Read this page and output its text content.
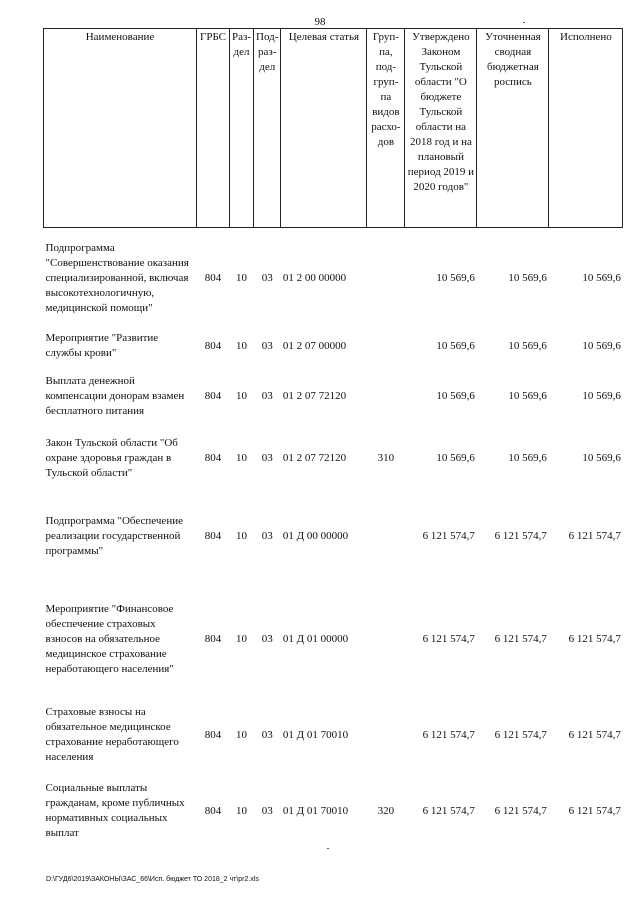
98
Наименование	ГРБС	Раз-дел	Под-раз-дел	Целевая статья	Груп-па, под-груп-па видов расхо-дов	Утверждено Законом Тульской области "О бюджете Тульской области на 2018 год и на плановый период 2019 и 2020 годов"	Уточненная сводная бюджетная роспись	Исполнено
Подпрограмма "Совершенствование оказания специализированной, включая высокотехнологичную, медицинской помощи"	804	10	03	01 2 00 00000		10 569,6	10 569,6	10 569,6
Мероприятие "Развитие службы крови"	804	10	03	01 2 07 00000		10 569,6	10 569,6	10 569,6
Выплата денежной компенсации донорам взамен бесплатного питания	804	10	03	01 2 07 72120		10 569,6	10 569,6	10 569,6
Закон Тульской области "Об охране здоровья граждан в Тульской области"	804	10	03	01 2 07 72120	310	10 569,6	10 569,6	10 569,6
Подпрограмма "Обеспечение реализации государственной программы"	804	10	03	01 Д 00 00000		6 121 574,7	6 121 574,7	6 121 574,7
Мероприятие "Финансовое обеспечение страховых взносов на обязательное медицинское страхование неработающего населения"	804	10	03	01 Д 01 00000		6 121 574,7	6 121 574,7	6 121 574,7
Страховые взносы на обязательное медицинское страхование неработающего населения	804	10	03	01 Д 01 70010		6 121 574,7	6 121 574,7	6 121 574,7
Социальные выплаты гражданам, кроме публичных нормативных социальных выплат	804	10	03	01 Д 01 70010	320	6 121 574,7	6 121 574,7	6 121 574,7
D:\ГУД6\2019\ЗАКОНЫ\ЗАС_66\Исп. бюджет ТО 2018_2 чт\pr2.xls
